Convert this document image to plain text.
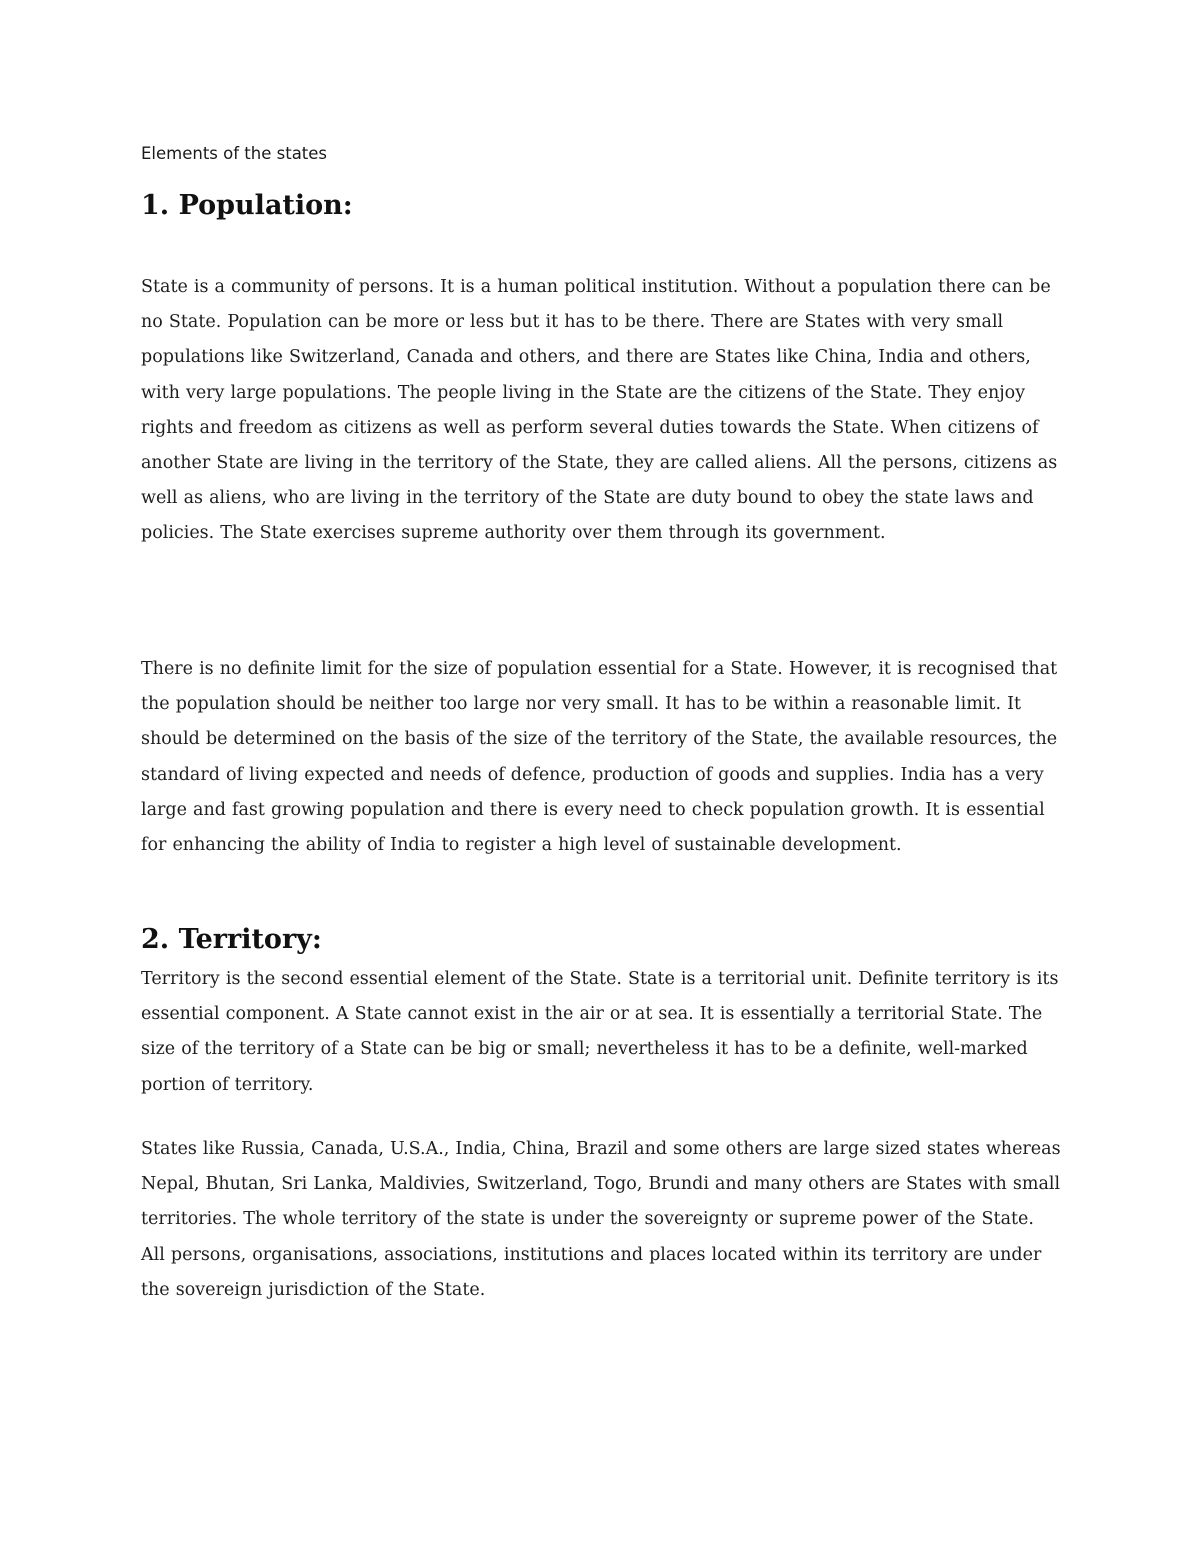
Elements of the states

1. Population:

State is a community of persons. It is a human political institution. Without a population there can be no State. Population can be more or less but it has to be there. There are States with very small populations like Switzerland, Canada and others, and there are States like China, India and others, with very large populations. The people living in the State are the citizens of the State. They enjoy rights and freedom as citizens as well as perform several duties towards the State. When citizens of another State are living in the territory of the State, they are called aliens. All the persons, citizens as well as aliens, who are living in the territory of the State are duty bound to obey the state laws and policies. The State exercises supreme authority over them through its government.

There is no definite limit for the size of population essential for a State. However, it is recognised that the population should be neither too large nor very small. It has to be within a reasonable limit. It should be determined on the basis of the size of the territory of the State, the available resources, the standard of living expected and needs of defence, production of goods and supplies. India has a very large and fast growing population and there is every need to check population growth. It is essential for enhancing the ability of India to register a high level of sustainable development.

2. Territory:

Territory is the second essential element of the State. State is a territorial unit. Definite territory is its essential component. A State cannot exist in the air or at sea. It is essentially a territorial State. The size of the territory of a State can be big or small; nevertheless it has to be a definite, well-marked portion of territory.

States like Russia, Canada, U.S.A., India, China, Brazil and some others are large sized states whereas Nepal, Bhutan, Sri Lanka, Maldivies, Switzerland, Togo, Brundi and many others are States with small territories. The whole territory of the state is under the sovereignty or supreme power of the State. All persons, organisations, associations, institutions and places located within its territory are under the sovereign jurisdiction of the State.
